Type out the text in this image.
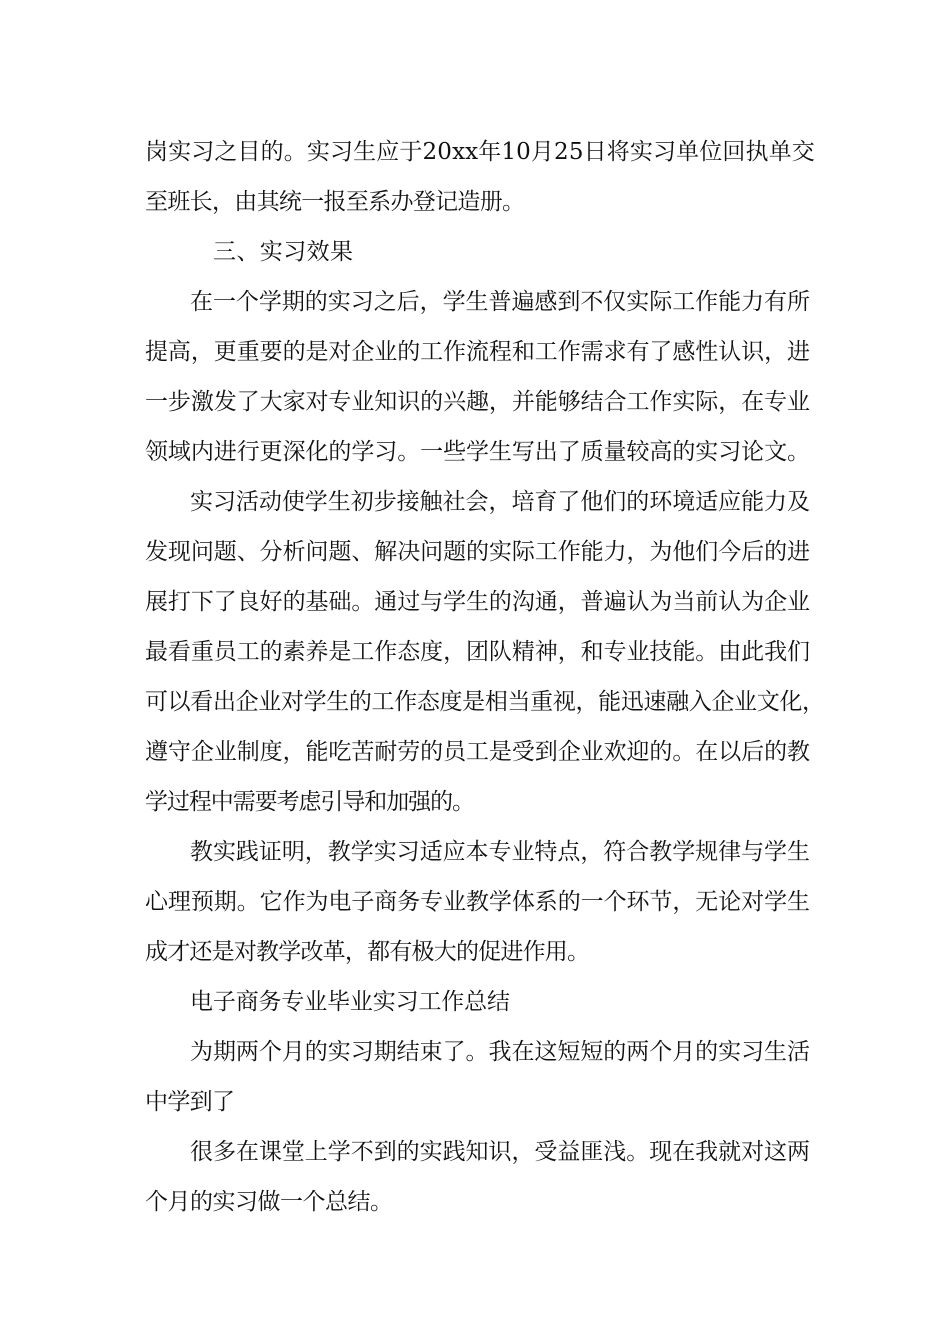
岗实习之目的。实习生应于20xx年10月25日将实习单位回执单交
至班长，由其统一报至系办登记造册。
三、实习效果
在一个学期的实习之后，学生普遍感到不仅实际工作能力有所
提高，更重要的是对企业的工作流程和工作需求有了感性认识，进
一步激发了大家对专业知识的兴趣，并能够结合工作实际，在专业
领域内进行更深化的学习。一些学生写出了质量较高的实习论文。
实习活动使学生初步接触社会，培育了他们的环境适应能力及
发现问题、分析问题、解决问题的实际工作能力，为他们今后的进
展打下了良好的基础。通过与学生的沟通，普遍认为当前认为企业
最看重员工的素养是工作态度，团队精神，和专业技能。由此我们
可以看出企业对学生的工作态度是相当重视，能迅速融入企业文化，
遵守企业制度，能吃苦耐劳的员工是受到企业欢迎的。在以后的教
学过程中需要考虑引导和加强的。
教实践证明，教学实习适应本专业特点，符合教学规律与学生
心理预期。它作为电子商务专业教学体系的一个环节，无论对学生
成才还是对教学改革，都有极大的促进作用。
电子商务专业毕业实习工作总结
为期两个月的实习期结束了。我在这短短的两个月的实习生活
中学到了
很多在课堂上学不到的实践知识，受益匪浅。现在我就对这两
个月的实习做一个总结。
